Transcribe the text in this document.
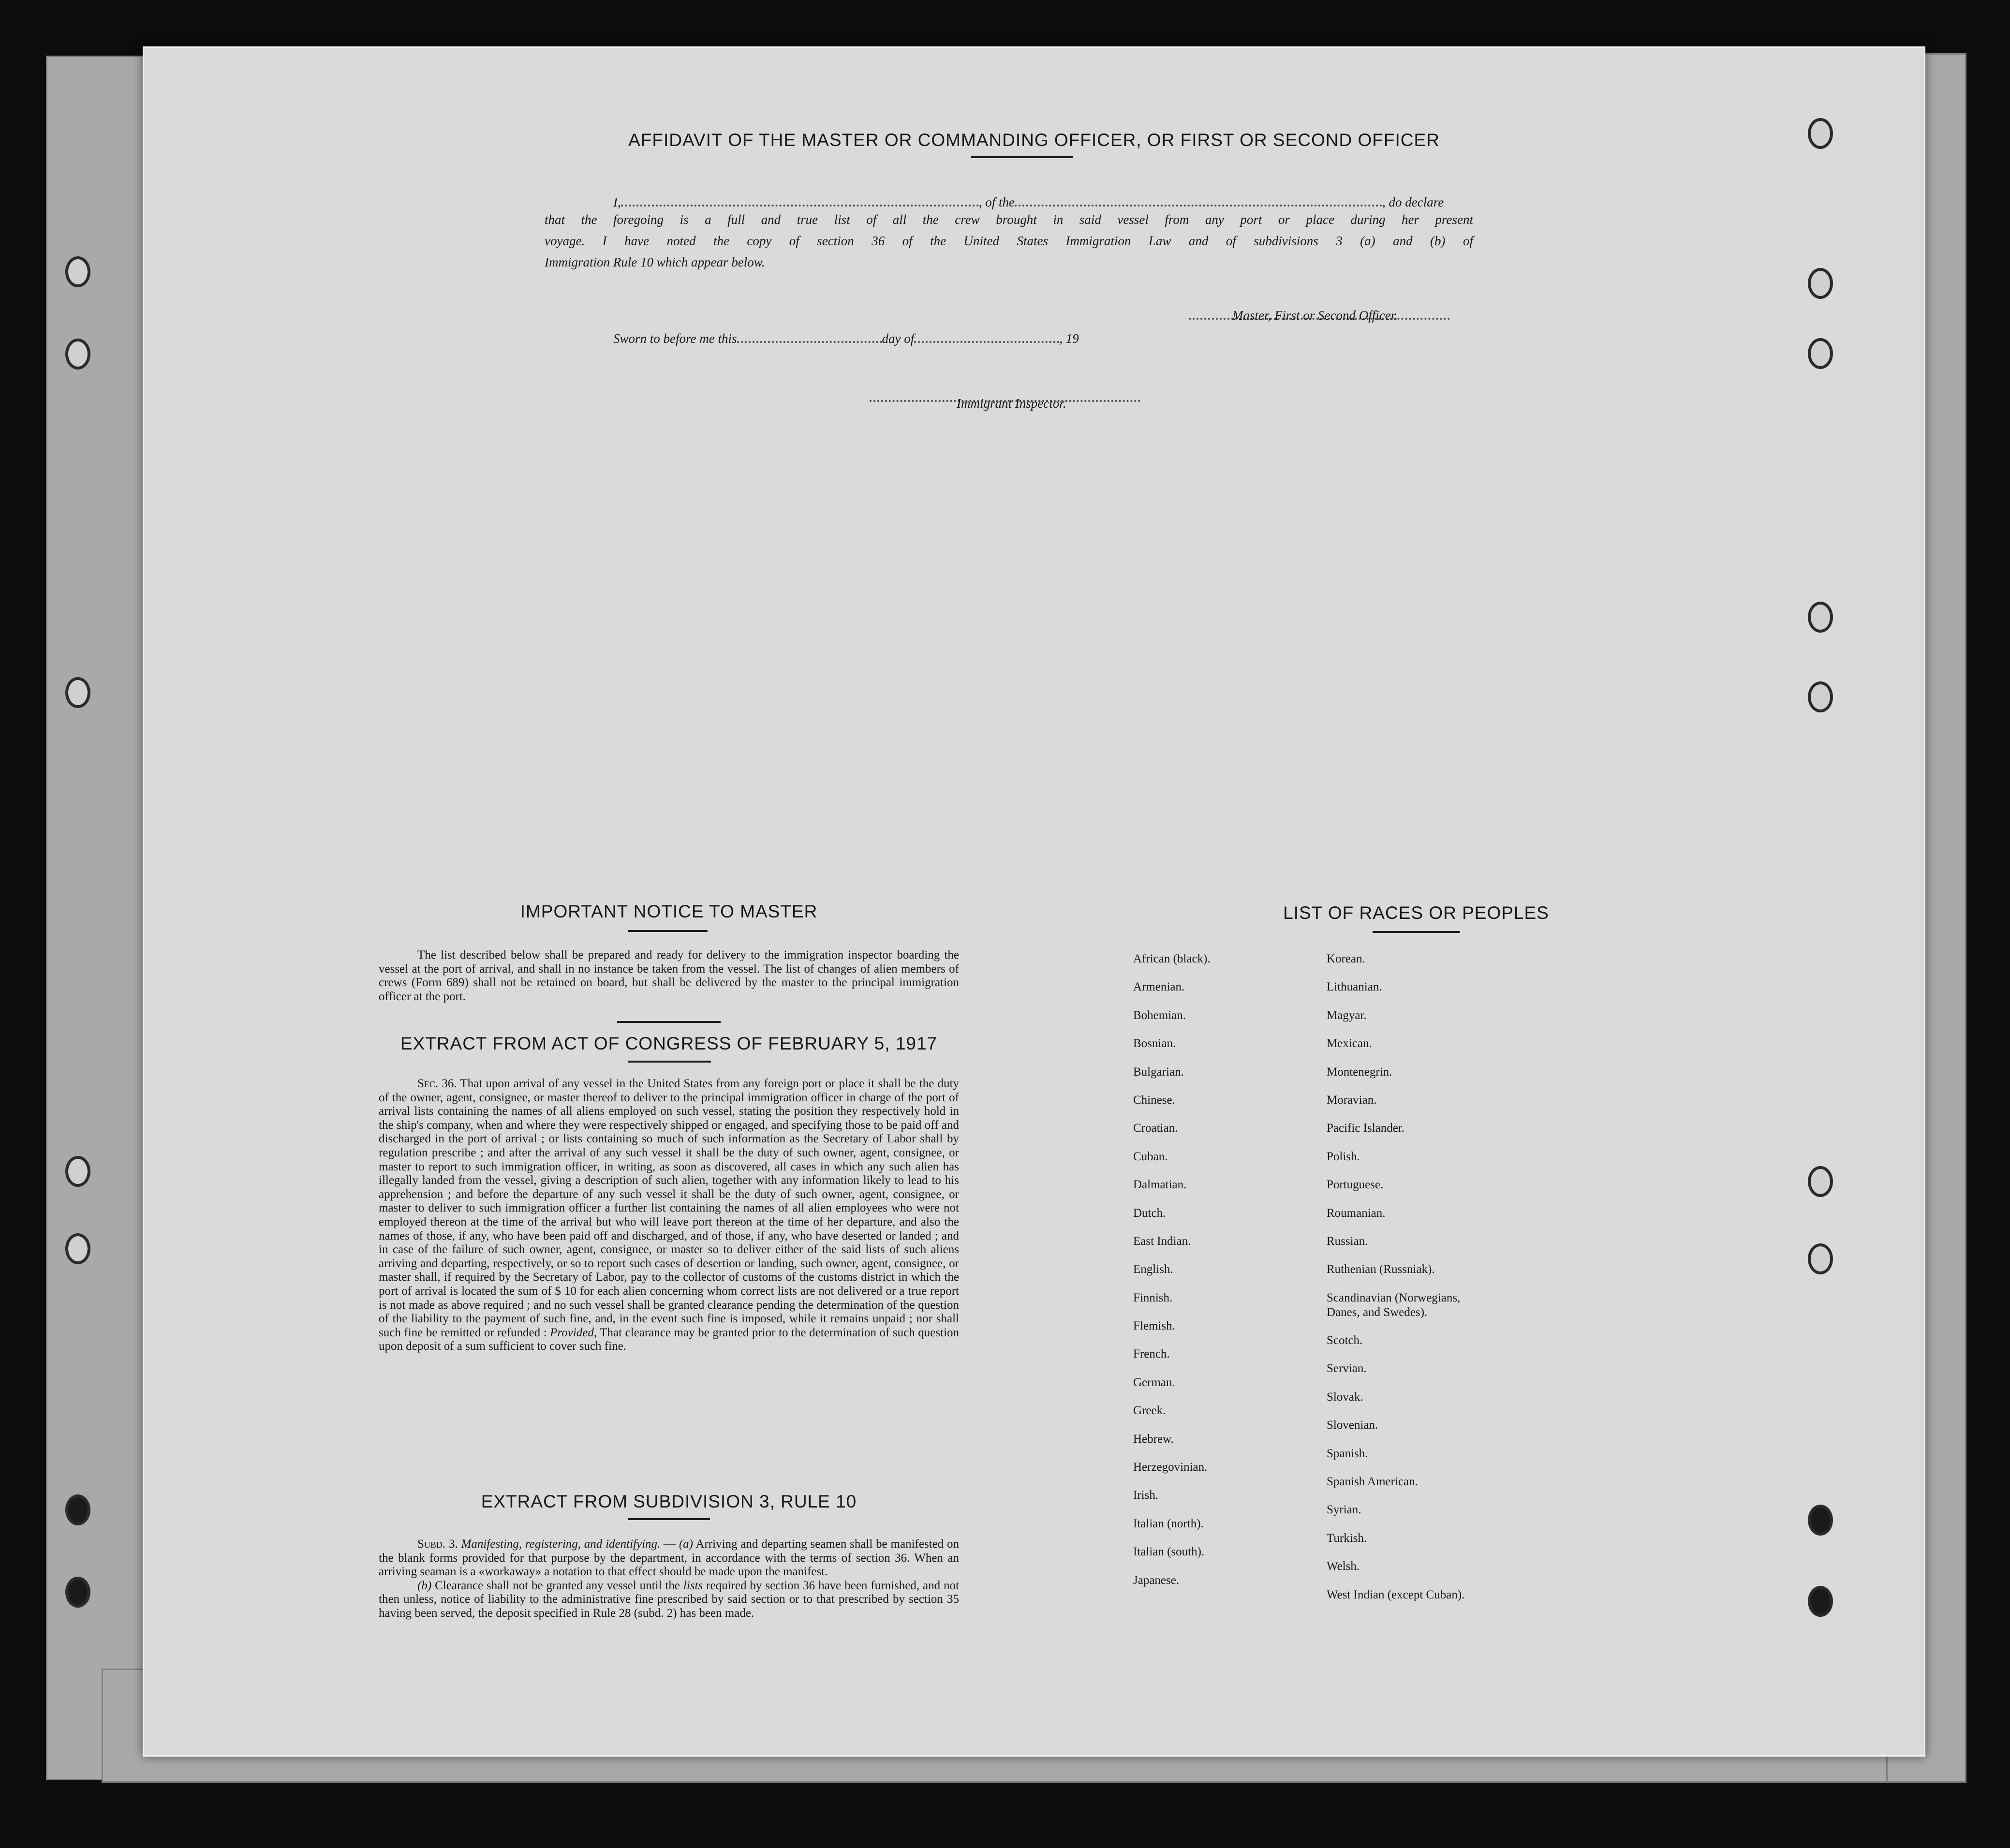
AFFIDAVIT OF THE MASTER OR COMMANDING OFFICER, OR FIRST OR SECOND OFFICER
I,	, of the	, do declare
that the foregoing is a full and true list of all the crew brought in said vessel from any port or place during her present
voyage. I have noted the copy of section 36 of the United States Immigration Law and of subdivisions 3 (a) and (b) of
Immigration Rule 10 which appear below.
Master, First or Second Officer.
Sworn to before me this	day of	, 19
Immigrant Inspector.
IMPORTANT NOTICE TO MASTER

The list described below shall be prepared and ready for delivery to the immigration inspector boarding the vessel at the port of arrival, and shall in no instance be taken from the vessel. The list of changes of alien members of crews (Form 689) shall not be retained on board, but shall be delivered by the master to the principal immigration officer at the port.

EXTRACT FROM ACT OF CONGRESS OF FEBRUARY 5, 1917

Sec. 36. That upon arrival of any vessel in the United States from any foreign port or place it shall be the duty of the owner, agent, consignee, or master thereof to deliver to the principal immigration officer in charge of the port of arrival lists containing the names of all aliens employed on such vessel, stating the position they respectively hold in the ship's company, when and where they were respectively shipped or engaged, and specifying those to be paid off and discharged in the port of arrival ; or lists containing so much of such information as the Secretary of Labor shall by regulation prescribe ; and after the arrival of any such vessel it shall be the duty of such owner, agent, consignee, or master to report to such immigration officer, in writing, as soon as discovered, all cases in which any such alien has illegally landed from the vessel, giving a description of such alien, together with any information likely to lead to his apprehension ; and before the departure of any such vessel it shall be the duty of such owner, agent, consignee, or master to deliver to such immigration officer a further list containing the names of all alien employees who were not employed thereon at the time of the arrival but who will leave port thereon at the time of her departure, and also the names of those, if any, who have been paid off and discharged, and of those, if any, who have deserted or landed ; and in case of the failure of such owner, agent, consignee, or master so to deliver either of the said lists of such aliens arriving and departing, respectively, or so to report such cases of desertion or landing, such owner, agent, consignee, or master shall, if required by the Secretary of Labor, pay to the collector of customs of the customs district in which the port of arrival is located the sum of $ 10 for each alien concerning whom correct lists are not delivered or a true report is not made as above required ; and no such vessel shall be granted clearance pending the determination of the question of the liability to the payment of such fine, and, in the event such fine is imposed, while it remains unpaid ; nor shall such fine be remitted or refunded : Provided, That clearance may be granted prior to the determination of such question upon deposit of a sum sufficient to cover such fine.

EXTRACT FROM SUBDIVISION 3, RULE 10

Subd. 3. Manifesting, registering, and identifying. — (a) Arriving and departing seamen shall be manifested on the blank forms provided for that purpose by the department, in accordance with the terms of section 36. When an arriving seaman is a «workaway» a notation to that effect should be made upon the manifest.

(b) Clearance shall not be granted any vessel until the lists required by section 36 have been furnished, and not then unless, notice of liability to the administrative fine prescribed by said section or to that prescribed by section 35 having been served, the deposit specified in Rule 28 (subd. 2) has been made.

LIST OF RACES OR PEOPLES
African (black).
Armenian.
Bohemian.
Bosnian.
Bulgarian.
Chinese.
Croatian.
Cuban.
Dalmatian.
Dutch.
East Indian.
English.
Finnish.
Flemish.
French.
German.
Greek.
Hebrew.
Herzegovinian.
Irish.
Italian (north).
Italian (south).
Japanese.
Korean.
Lithuanian.
Magyar.
Mexican.
Montenegrin.
Moravian.
Pacific Islander.
Polish.
Portuguese.
Roumanian.
Russian.
Ruthenian (Russniak).
Scandinavian (Norwegians,
Danes, and Swedes).
Scotch.
Servian.
Slovak.
Slovenian.
Spanish.
Spanish American.
Syrian.
Turkish.
Welsh.
West Indian (except Cuban).
